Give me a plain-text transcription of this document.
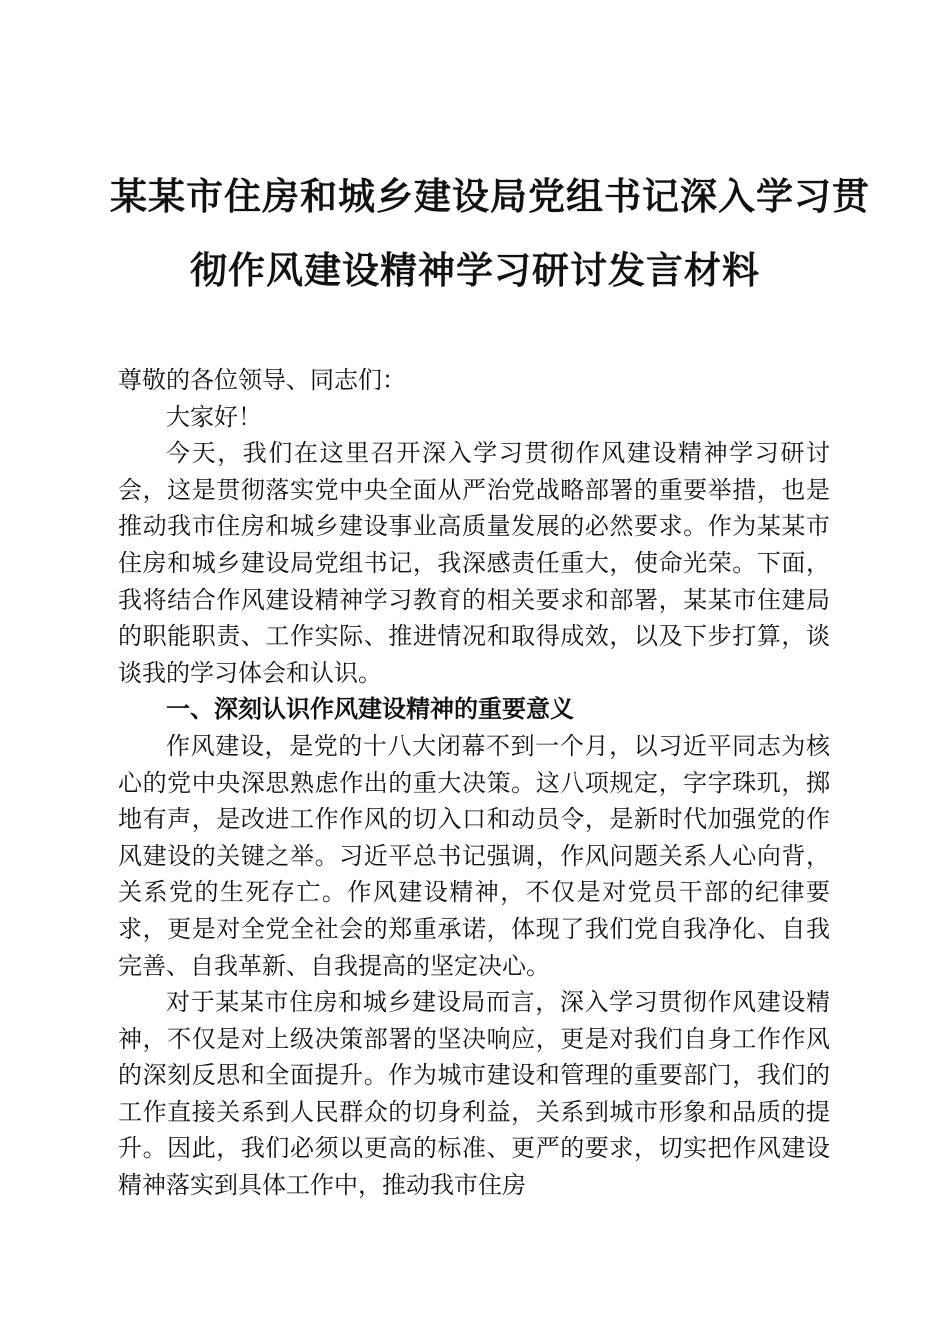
某某市住房和城乡建设局党组书记深入学习贯
彻作风建设精神学习研讨发言材料

尊敬的各位领导、同志们：

大家好！

今天，我们在这里召开深入学习贯彻作风建设精神学习研讨会，这是贯彻落实党中央全面从严治党战略部署的重要举措，也是推动我市住房和城乡建设事业高质量发展的必然要求。作为某某市住房和城乡建设局党组书记，我深感责任重大，使命光荣。下面，我将结合作风建设精神学习教育的相关要求和部署，某某市住建局的职能职责、工作实际、推进情况和取得成效，以及下步打算，谈谈我的学习体会和认识。

一、深刻认识作风建设精神的重要意义

作风建设，是党的十八大闭幕不到一个月，以习近平同志为核心的党中央深思熟虑作出的重大决策。这八项规定，字字珠玑，掷地有声，是改进工作作风的切入口和动员令，是新时代加强党的作风建设的关键之举。习近平总书记强调，作风问题关系人心向背，关系党的生死存亡。作风建设精神，不仅是对党员干部的纪律要求，更是对全党全社会的郑重承诺，体现了我们党自我净化、自我完善、自我革新、自我提高的坚定决心。

对于某某市住房和城乡建设局而言，深入学习贯彻作风建设精神，不仅是对上级决策部署的坚决响应，更是对我们自身工作作风的深刻反思和全面提升。作为城市建设和管理的重要部门，我们的工作直接关系到人民群众的切身利益，关系到城市形象和品质的提升。因此，我们必须以更高的标准、更严的要求，切实把作风建设精神落实到具体工作中，推动我市住房
